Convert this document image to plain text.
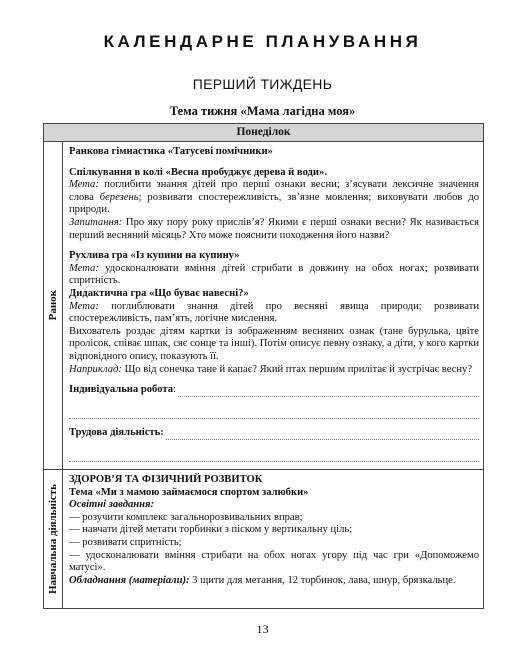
КАЛЕНДАРНЕ ПЛАНУВАННЯ
ПЕРШИЙ ТИЖДЕНЬ
Тема тижня «Мама лагідна моя»
Понеділок
Ранок
Навчальна діяльність

Ранкова гімнастика «Татусеві помічники»

Спілкування в колі «Весна пробуджує дерева й води».

Мета: поглибити знання дітей про перші ознаки весни; з’ясувати лексичне значення слова березень; розвивати спостережливість, зв’язне мовлення; виховувати любов до природи.

Запитання: Про яку пору року прислів’я? Якими є перші ознаки весни? Як називається перший весняний місяць? Хто може пояснити походження його назви?

Рухлива гра «Із купини на купину»

Мета: удосконалювати вміння дітей стрибати в довжину на обох ногах; розвивати спритність.

Дидактична гра «Що буває навесні?»

Мета: поглиблювати знання дітей про весняні явища природи; розвивати спостережливість, пам’ять, логічне мислення.

Вихователь роздає дітям картки із зображенням весняних ознак (тане бурулька, цвіте пролісок, співає шпак, сяє сонце та інші). Потім описує певну ознаку, а діти, у кого картки відповідного опису, показують її.

Наприклад: Що від сонечка тане й капає? Який птах першим прилітає й зустрічає весну?

Індивідуальна робота :
Трудова діяльність:

ЗДОРОВ’Я ТА ФІЗИЧНИЙ РОЗВИТОК

Тема «Ми з мамою займаємося спортом залюбки»

Освітні завдання:

— розучити комплекс загальнорозвивальних вправ;

— навчати дітей метати торбинки з піском у вертикальну ціль;

— розвивати спритність;

— удосконалювати вміння стрибати на обох ногах угору під час гри «Допоможемо матусі».

Обладнання (матеріали): 3 щити для метання, 12 торбинок, лава, шнур, брязкальце.

13
